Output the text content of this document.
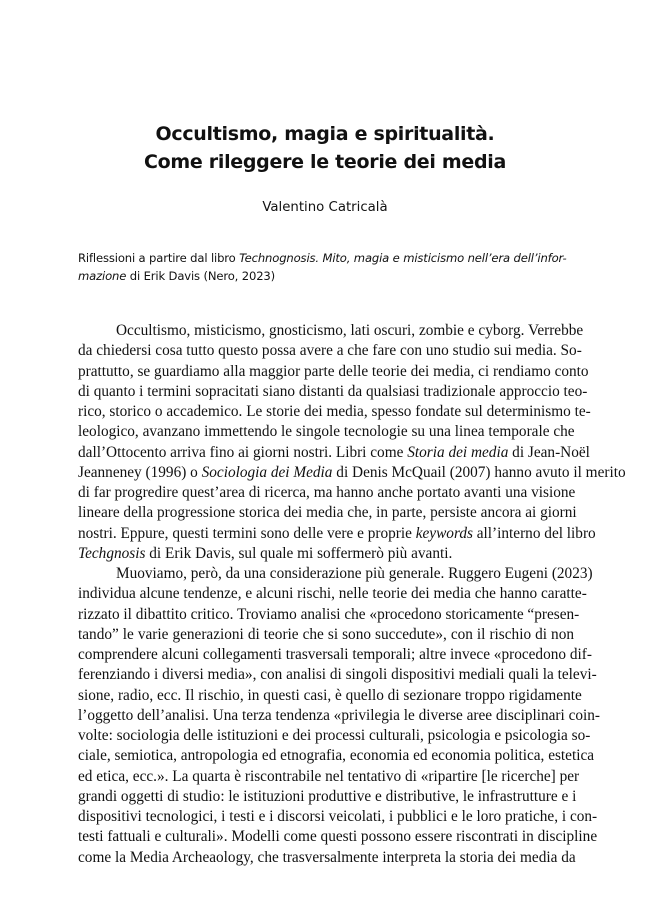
Occultismo, magia e spiritualità.
Come rileggere le teorie dei media
Valentino Catricalà

Riflessioni a partire dal libro Technognosis. Mito, magia e misticismo nell’era dell’infor-
mazione di Erik Davis (Nero, 2023)

Occultismo, misticismo, gnosticismo, lati oscuri, zombie e cyborg. Verrebbe
da chiedersi cosa tutto questo possa avere a che fare con uno studio sui media. So-
prattutto, se guardiamo alla maggior parte delle teorie dei media, ci rendiamo conto
di quanto i termini sopracitati siano distanti da qualsiasi tradizionale approccio teo-
rico, storico o accademico. Le storie dei media, spesso fondate sul determinismo te-
leologico, avanzano immettendo le singole tecnologie su una linea temporale che
dall’Ottocento arriva fino ai giorni nostri. Libri come Storia dei media di Jean-Noël
Jeanneney (1996) o Sociologia dei Media di Denis McQuail (2007) hanno avuto il merito
di far progredire quest’area di ricerca, ma hanno anche portato avanti una visione
lineare della progressione storica dei media che, in parte, persiste ancora ai giorni
nostri. Eppure, questi termini sono delle vere e proprie keywords all’interno del libro
Techgnosis di Erik Davis, sul quale mi soffermerò più avanti.
Muoviamo, però, da una considerazione più generale. Ruggero Eugeni (2023)
individua alcune tendenze, e alcuni rischi, nelle teorie dei media che hanno caratte-
rizzato il dibattito critico. Troviamo analisi che «procedono storicamente “presen-
tando” le varie generazioni di teorie che si sono succedute», con il rischio di non
comprendere alcuni collegamenti trasversali temporali; altre invece «procedono dif-
ferenziando i diversi media», con analisi di singoli dispositivi mediali quali la televi-
sione, radio, ecc. Il rischio, in questi casi, è quello di sezionare troppo rigidamente
l’oggetto dell’analisi. Una terza tendenza «privilegia le diverse aree disciplinari coin-
volte: sociologia delle istituzioni e dei processi culturali, psicologia e psicologia so-
ciale, semiotica, antropologia ed etnografia, economia ed economia politica, estetica
ed etica, ecc.». La quarta è riscontrabile nel tentativo di «ripartire [le ricerche] per
grandi oggetti di studio: le istituzioni produttive e distributive, le infrastrutture e i
dispositivi tecnologici, i testi e i discorsi veicolati, i pubblici e le loro pratiche, i con-
testi fattuali e culturali». Modelli come questi possono essere riscontrati in discipline
come la Media Archeaology, che trasversalmente interpreta la storia dei media da
